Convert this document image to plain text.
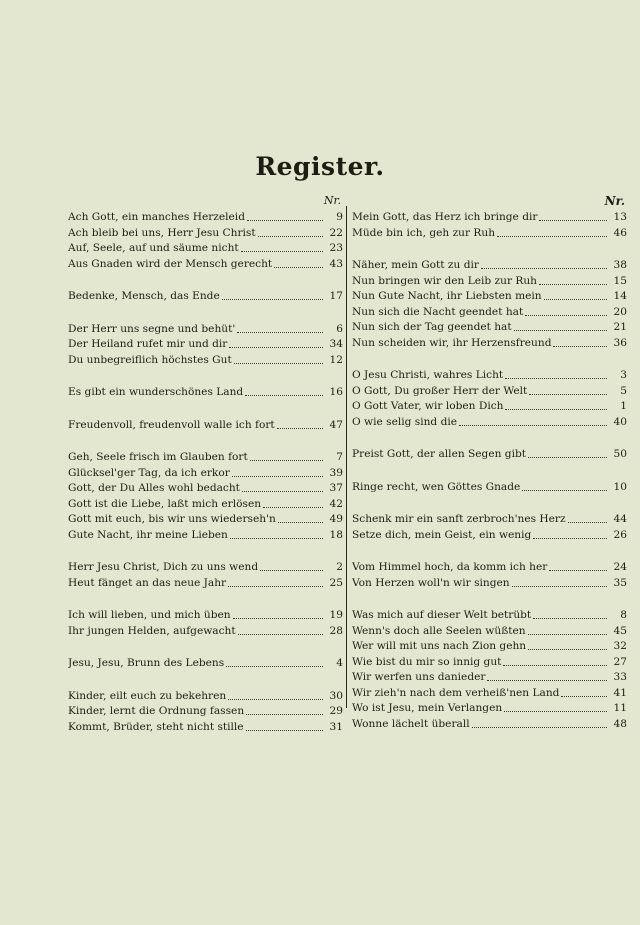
Register.
Nr.
Ach Gott, ein manches Herzeleid	9
Ach bleib bei uns, Herr Jesu Christ	22
Auf, Seele, auf und säume nicht	23
Aus Gnaden wird der Mensch gerecht	43
Bedenke, Mensch, das Ende	17
Der Herr uns segne und behüt'	6
Der Heiland rufet mir und dir	34
Du unbegreiflich höchstes Gut	12
Es gibt ein wunderschönes Land	16
Freudenvoll, freudenvoll walle ich fort	47
Geh, Seele frisch im Glauben fort	7
Glücksel'ger Tag, da ich erkor	39
Gott, der Du Alles wohl bedacht	37
Gott ist die Liebe, laßt mich erlösen	42
Gott mit euch, bis wir uns wiederseh'n	49
Gute Nacht, ihr meine Lieben	18
Herr Jesu Christ, Dich zu uns wend	2
Heut fänget an das neue Jahr	25
Ich will lieben, und mich üben	19
Ihr jungen Helden, aufgewacht	28
Jesu, Jesu, Brunn des Lebens	4
Kinder, eilt euch zu bekehren	30
Kinder, lernt die Ordnung fassen	29
Kommt, Brüder, steht nicht stille	31
Nr.
Mein Gott, das Herz ich bringe dir	13
Müde bin ich, geh zur Ruh	46
Näher, mein Gott zu dir	38
Nun bringen wir den Leib zur Ruh	15
Nun Gute Nacht, ihr Liebsten mein	14
Nun sich die Nacht geendet hat	20
Nun sich der Tag geendet hat	21
Nun scheiden wir, ihr Herzensfreund	36
O Jesu Christi, wahres Licht	3
O Gott, Du großer Herr der Welt	5
O Gott Vater, wir loben Dich	1
O wie selig sind die	40
Preist Gott, der allen Segen gibt	50
Ringe recht, wen Göttes Gnade	10
Schenk mir ein sanft zerbroch'nes Herz	44
Setze dich, mein Geist, ein wenig	26
Vom Himmel hoch, da komm ich her	24
Von Herzen woll'n wir singen	35
Was mich auf dieser Welt betrübt	8
Wenn's doch alle Seelen wüßten	45
Wer will mit uns nach Zion gehn	32
Wie bist du mir so innig gut	27
Wir werfen uns danieder	33
Wir zieh'n nach dem verheiß'nen Land	41
Wo ist Jesu, mein Verlangen	11
Wonne lächelt überall	48
